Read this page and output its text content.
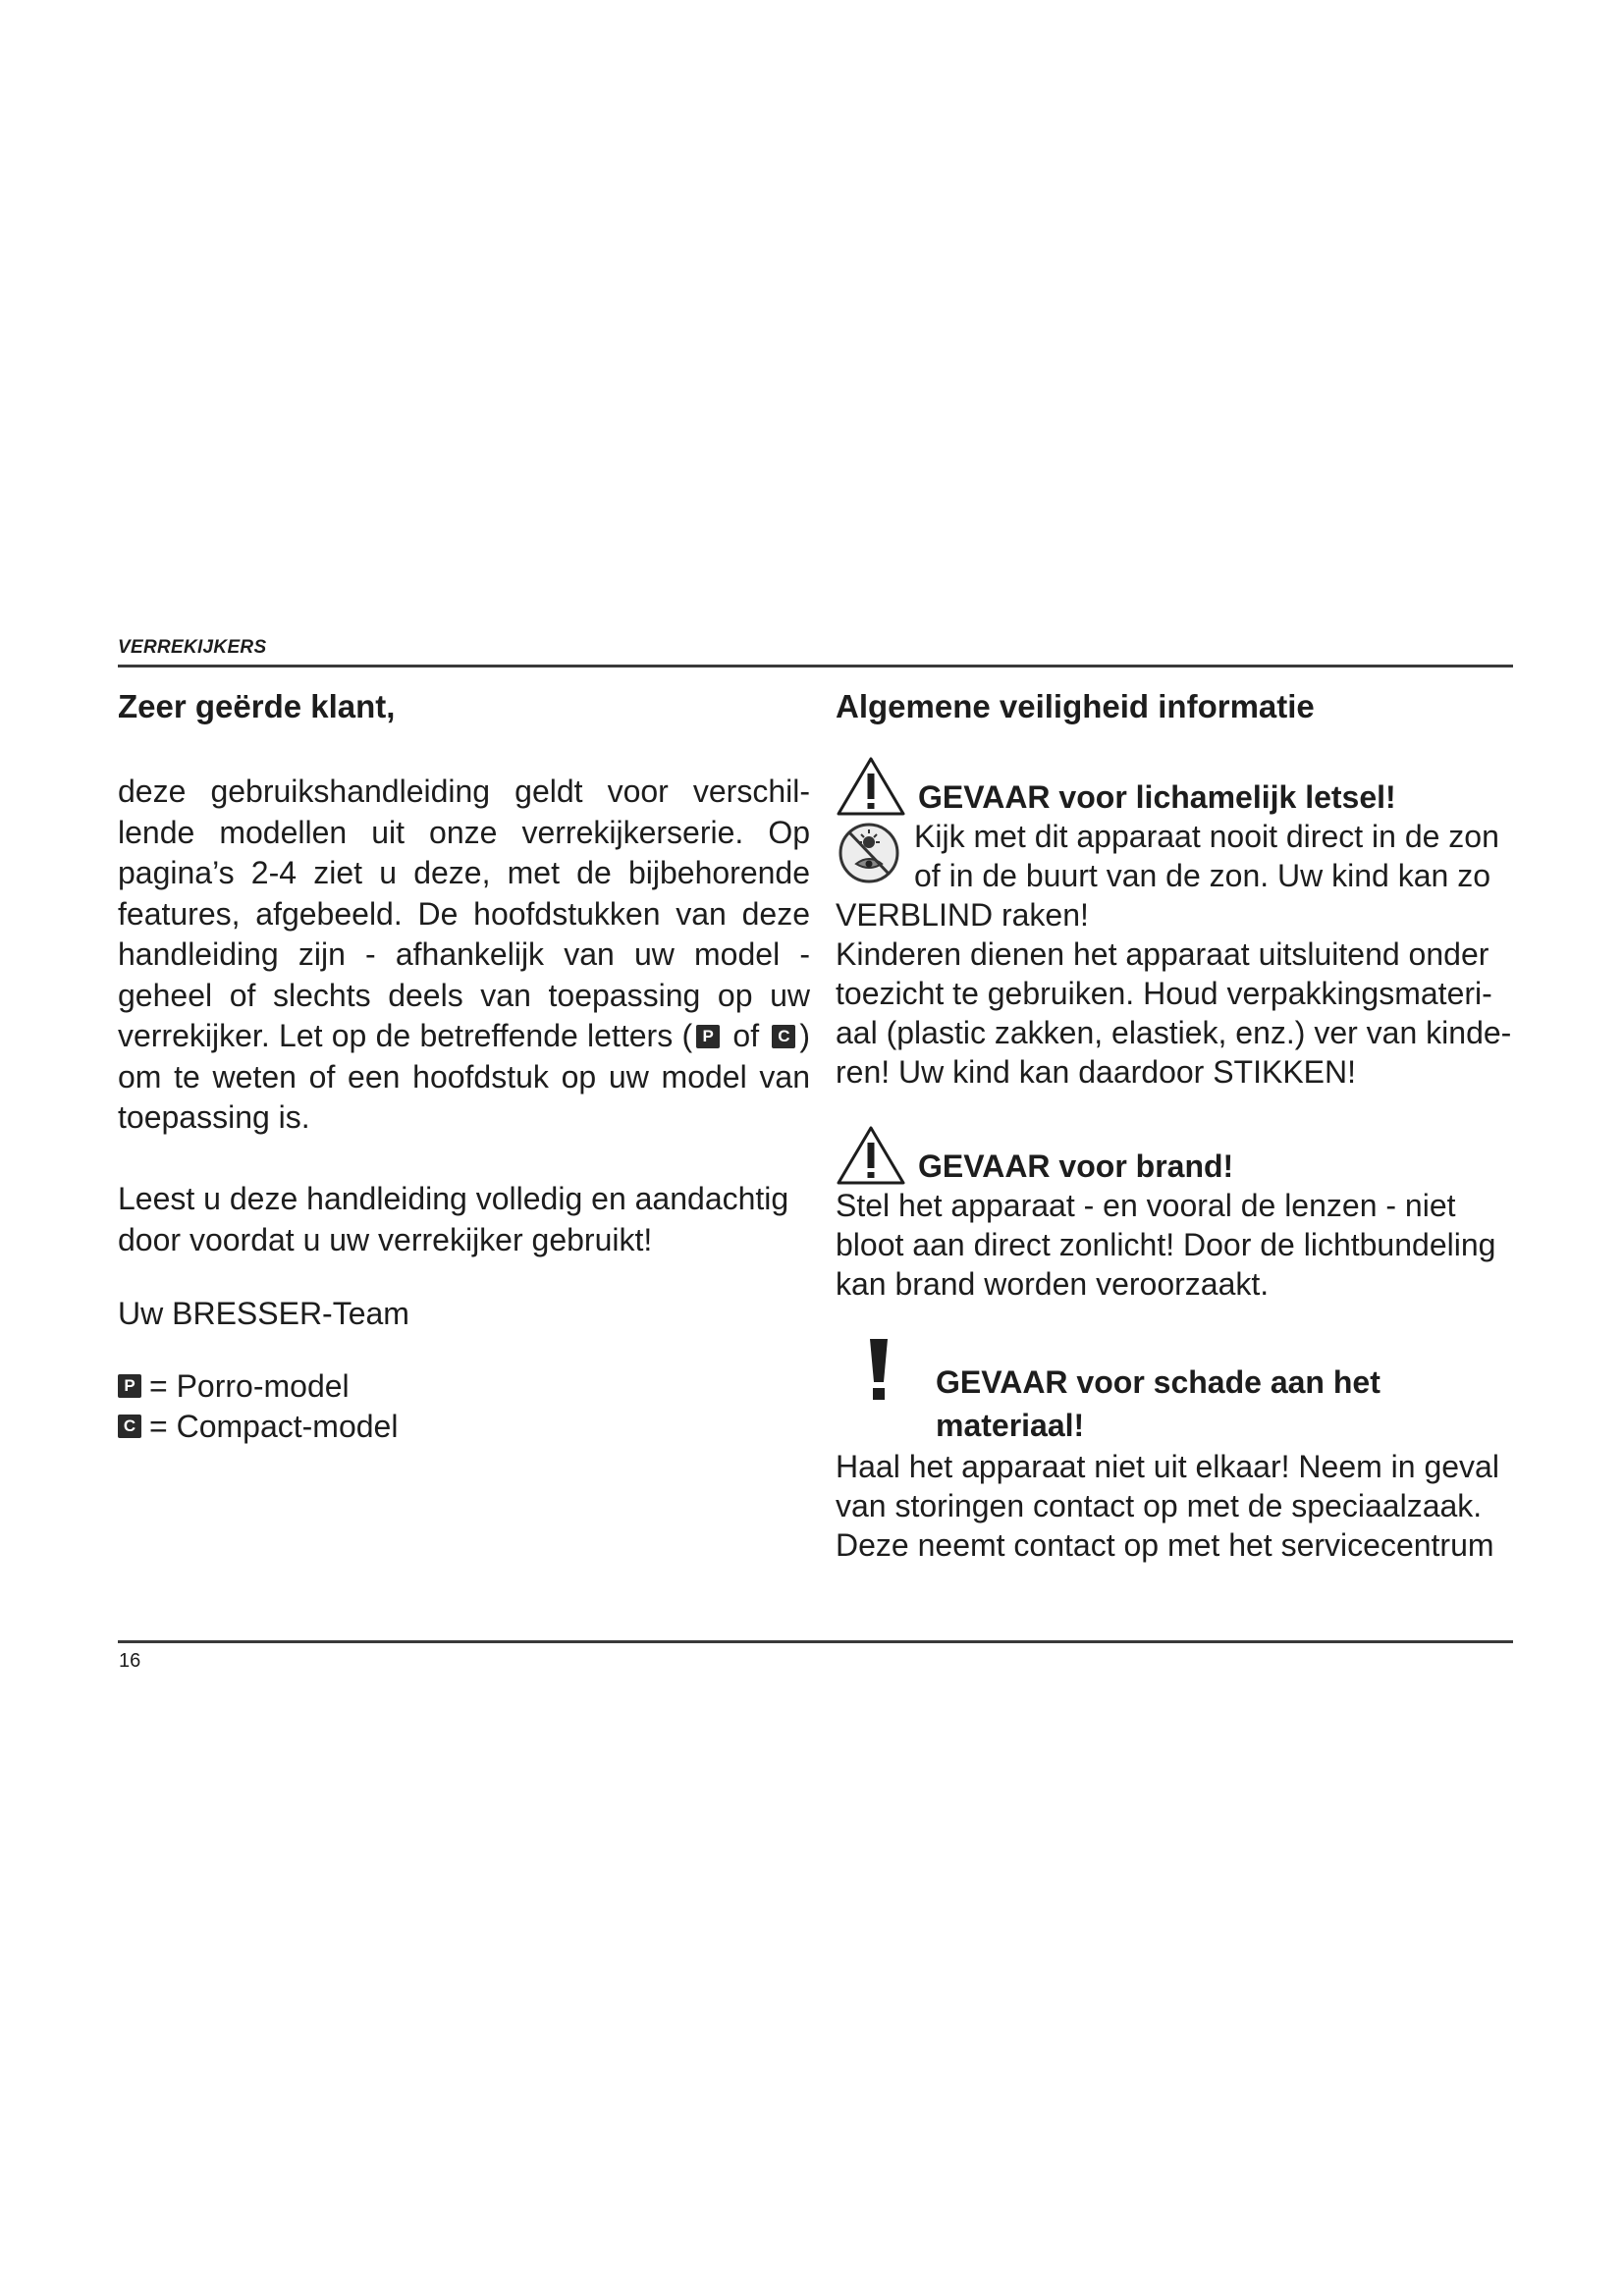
VERREKIJKERS
Zeer geërde klant,

deze gebruikshandleiding geldt voor verschillende modellen uit onze verrekijkerserie. Op pagina’s 2-4 ziet u deze, met de bijbehorende features, afgebeeld. De hoofdstukken van deze handleiding zijn - afhankelijk van uw model - geheel of slechts deels van toepassing op uw verrekijker. Let op de betreffende letters ( P of C ) om te weten of een hoofdstuk op uw model van toepassing is.

Leest u deze handleiding volledig en aandachtig door voordat u uw verrekijker gebruikt!

Uw BRESSER-Team

P = Porro-model
C = Compact-model
Algemene veiligheid informatie
GEVAAR voor lichamelijk letsel!

Kijk met dit apparaat nooit direct in de zon of in de buurt van de zon. Uw kind kan zo VERBLIND raken!

Kinderen dienen het apparaat uitsluitend onder toezicht te gebruiken. Houd verpakkingsmateriaal (plastic zakken, elastiek, enz.) ver van kinderen! Uw kind kan daardoor STIKKEN!

GEVAAR voor brand!

Stel het apparaat - en vooral de lenzen - niet bloot aan direct zonlicht! Door de lichtbundeling kan brand worden veroorzaakt.

GEVAAR voor schade aan het materiaal!

Haal het apparaat niet uit elkaar! Neem in geval van storingen contact op met de speciaalzaak. Deze neemt contact op met het servicecentrum

16
